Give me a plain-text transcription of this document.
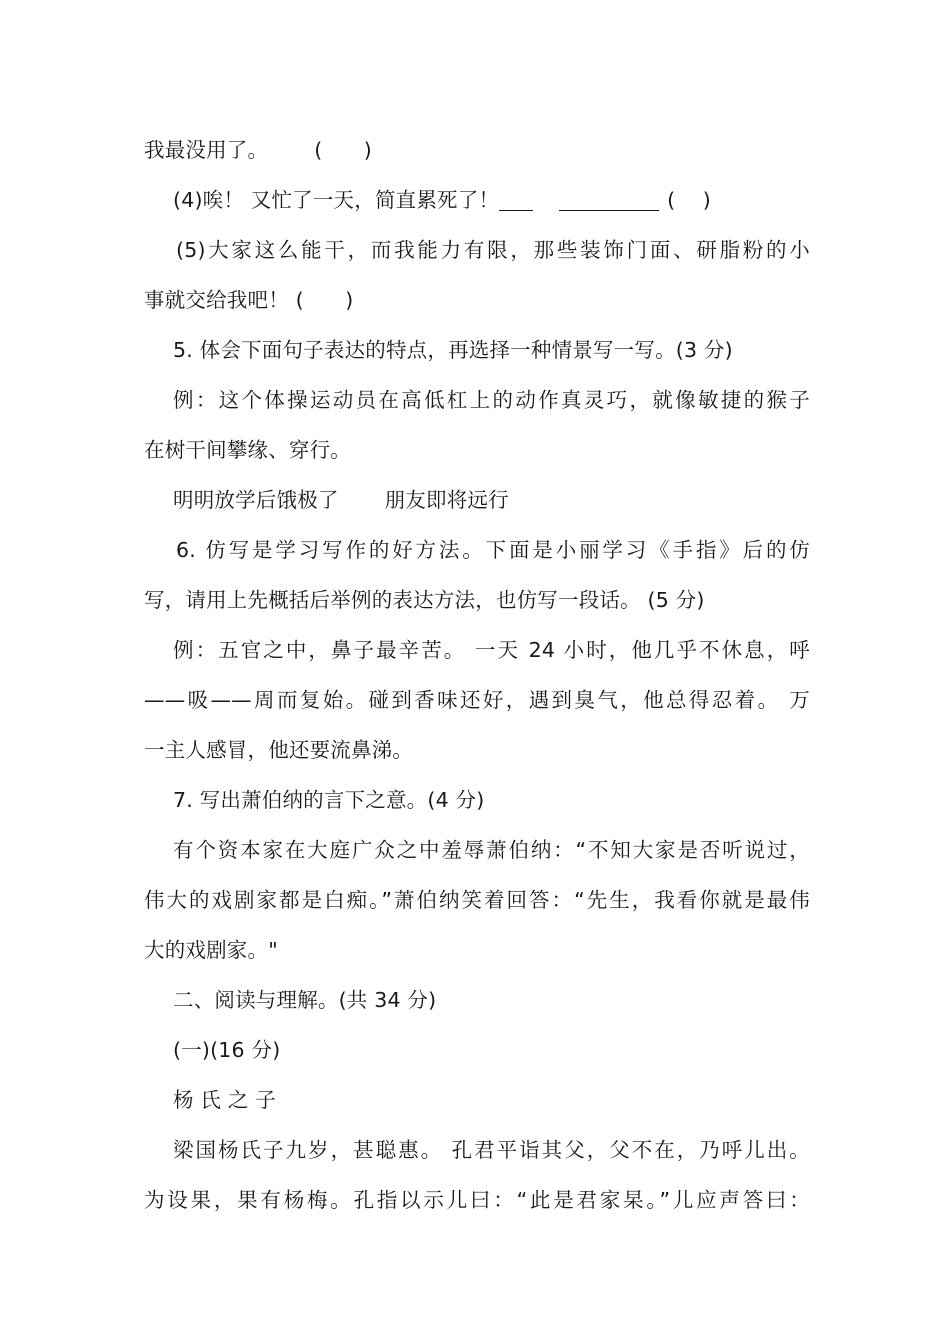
我最没用了。 (　　)
(4)唉！ 又忙了一天，简直累死了！	(　 )
(5)大家这么能干，而我能力有限，那些装饰门面、研脂粉的小
事就交给我吧！ (　　)
5. 体会下面句子表达的特点，再选择一种情景写一写。(3 分)
例：这个体操运动员在高低杠上的动作真灵巧，就像敏捷的猴子
在树干间攀缘、穿行。
明明放学后饿极了 朋友即将远行
6. 仿写是学习写作的好方法。下面是小丽学习《手指》后的仿
写，请用上先概括后举例的表达方法，也仿写一段话。 (5 分)
例：五官之中，鼻子最辛苦。 一天 24 小时，他几乎不休息，呼
——吸——周而复始。碰到香味还好，遇到臭气，他总得忍着。 万
一主人感冒，他还要流鼻涕。
7. 写出萧伯纳的言下之意。(4 分)
有个资本家在大庭广众之中羞辱萧伯纳：“不知大家是否听说过，
伟大的戏剧家都是白痴。”萧伯纳笑着回答：“先生，我看你就是最伟
大的戏剧家。"
二、阅读与理解。(共 34 分)
(一)(16 分)
杨 氏 之 子
梁国杨氏子九岁，甚聪惠。 孔君平诣其父，父不在，乃呼儿出。
为设果，果有杨梅。孔指以示儿曰：“此是君家杲。”儿应声答曰：
